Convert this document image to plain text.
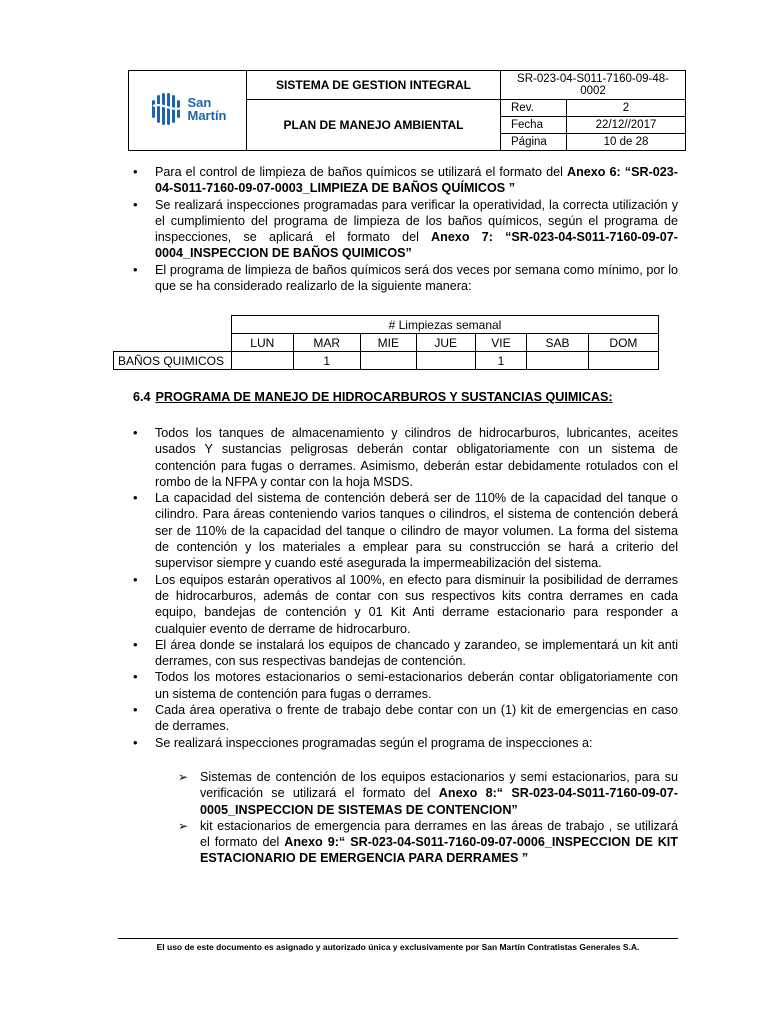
San
Martín	SISTEMA DE GESTION INTEGRAL	SR-023-04-S011-7160-09-48-0002	
	PLAN DE MANEJO AMBIENTAL	Rev.	2
		Fecha	22/12//2017
		Página	10 de 28
• Para el control de limpieza de baños químicos se utilizará el formato del Anexo 6: “SR-023-04-S011-7160-09-07-0003_LIMPIEZA DE BAÑOS QUÍMICOS ”
• Se realizará inspecciones programadas para verificar la operatividad, la correcta utilización y el cumplimiento del programa de limpieza de los baños químicos, según el programa de inspecciones, se aplicará el formato del Anexo 7: “SR-023-04-S011-7160-09-07-0004_INSPECCION DE BAÑOS QUIMICOS”
• El programa de limpieza de baños químicos será dos veces por semana como mínimo, por lo que se ha considerado realizarlo de la siguiente manera:
	# Limpiezas semanal						
	LUN	MAR	MIE	JUE	VIE	SAB	DOM
BAÑOS QUIMICOS		1			1		
6.4 PROGRAMA DE MANEJO DE HIDROCARBUROS Y SUSTANCIAS QUIMICAS:
• Todos los tanques de almacenamiento y cilindros de hidrocarburos, lubricantes, aceites usados Y sustancias peligrosas deberán contar obligatoriamente con un sistema de contención para fugas o derrames. Asimismo, deberán estar debidamente rotulados con el rombo de la NFPA y contar con la hoja MSDS.
• La capacidad del sistema de contención deberá ser de 110% de la capacidad del tanque o cilindro. Para áreas conteniendo varios tanques o cilindros, el sistema de contención deberá ser de 110% de la capacidad del tanque o cilindro de mayor volumen. La forma del sistema de contención y los materiales a emplear para su construcción se hará a criterio del supervisor siempre y cuando esté asegurada la impermeabilización del sistema.
• Los equipos estarán operativos al 100%, en efecto para disminuir la posibilidad de derrames de hidrocarburos, además de contar con sus respectivos kits contra derrames en cada equipo, bandejas de contención y 01 Kit Anti derrame estacionario para responder a cualquier evento de derrame de hidrocarburo.
• El área donde se instalará los equipos de chancado y zarandeo, se implementará un kit anti derrames, con sus respectivas bandejas de contención.
• Todos los motores estacionarios o semi-estacionarios deberán contar obligatoriamente con un sistema de contención para fugas o derrames.
• Cada área operativa o frente de trabajo debe contar con un (1) kit de emergencias en caso de derrames.
• Se realizará inspecciones programadas según el programa de inspecciones a:
➢ Sistemas de contención de los equipos estacionarios y semi estacionarios, para su verificación se utilizará el formato del Anexo 8:“ SR-023-04-S011-7160-09-07-0005_INSPECCION DE SISTEMAS DE CONTENCION”
➢ kit estacionarios de emergencia para derrames en las áreas de trabajo , se utilizará el formato del Anexo 9:“ SR-023-04-S011-7160-09-07-0006_INSPECCION DE KIT ESTACIONARIO DE EMERGENCIA PARA DERRAMES ”
El uso de este documento es asignado y autorizado única y exclusivamente por San Martín Contratistas Generales S.A.
